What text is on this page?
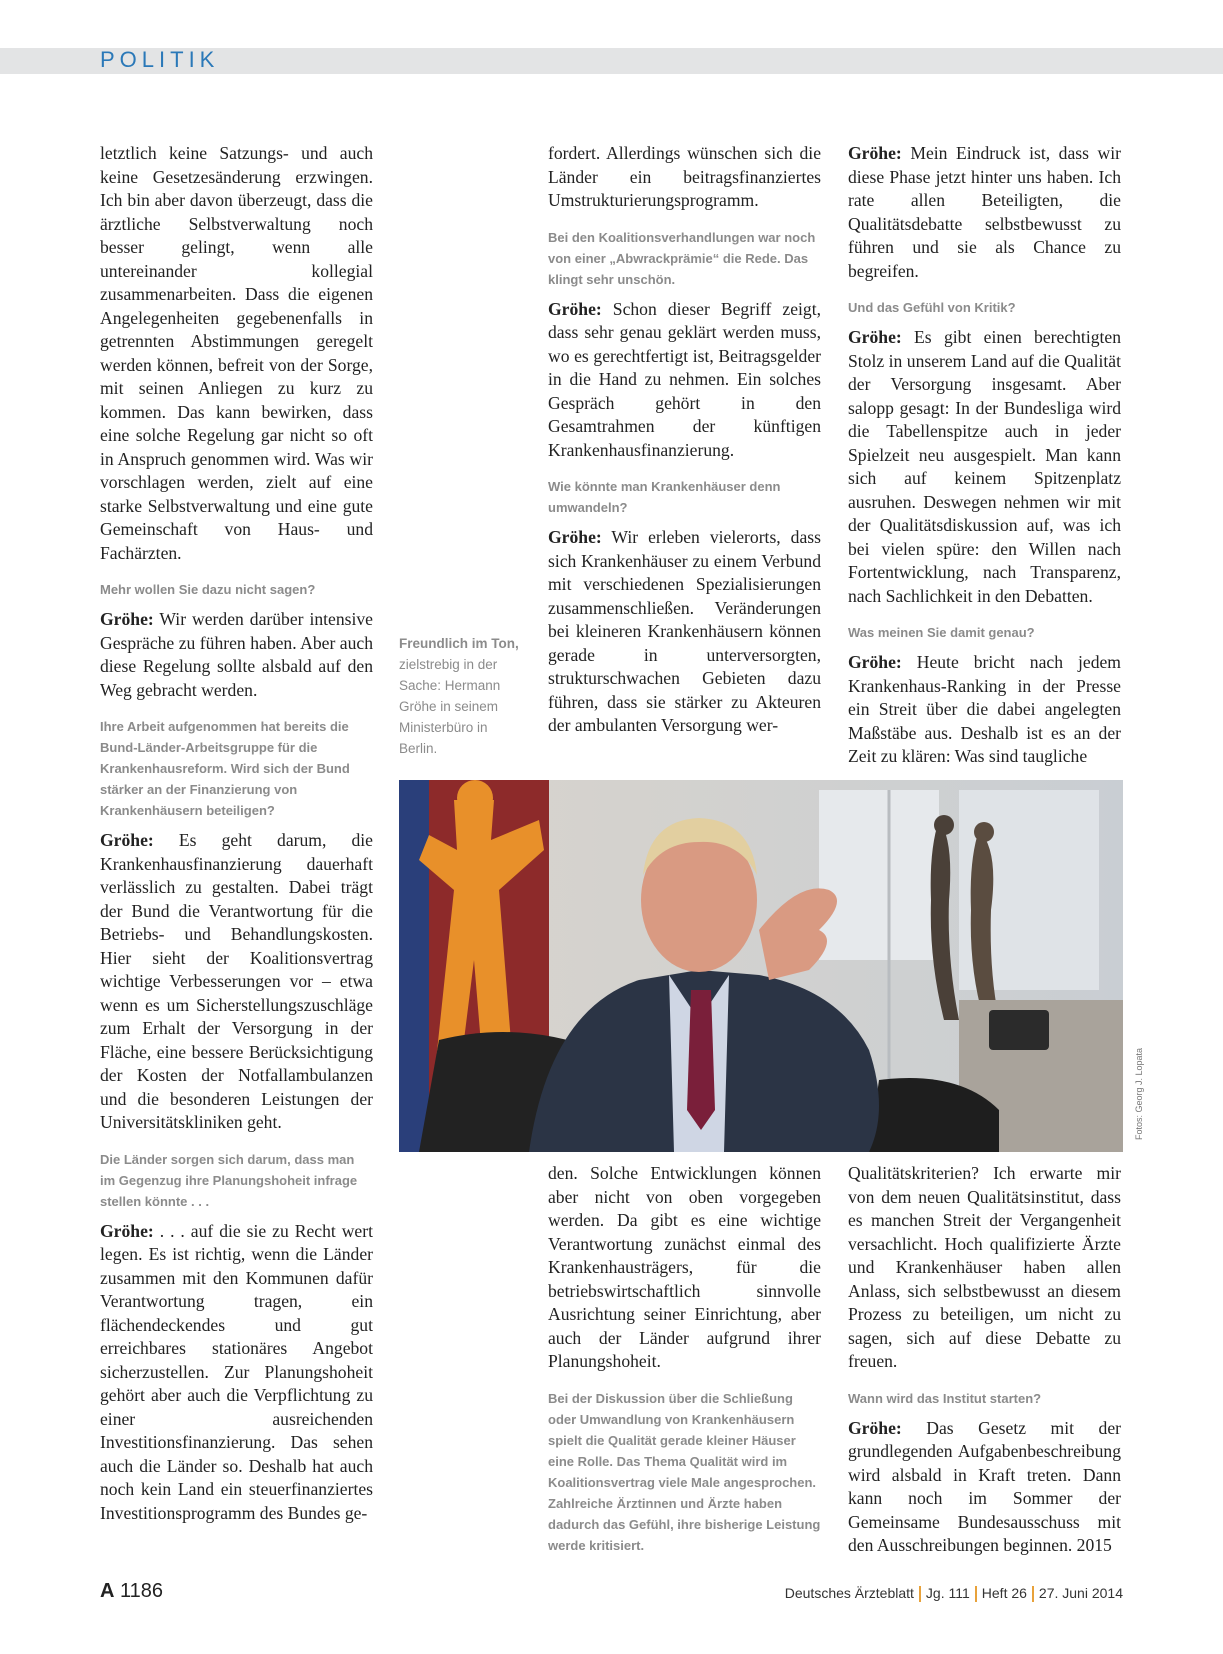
POLITIK

letztlich keine Satzungs- und auch keine Gesetzesänderung erzwingen. Ich bin aber davon überzeugt, dass die ärztliche Selbstverwaltung noch besser gelingt, wenn alle untereinander kollegial zusammenarbeiten. Dass die eigenen Angelegenheiten gegebenenfalls in getrennten Abstimmungen geregelt werden können, befreit von der Sorge, mit seinen Anliegen zu kurz zu kommen. Das kann bewirken, dass eine solche Regelung gar nicht so oft in Anspruch genommen wird. Was wir vorschlagen werden, zielt auf eine starke Selbstverwaltung und eine gute Gemeinschaft von Haus- und Fachärzten.

Mehr wollen Sie dazu nicht sagen?

Gröhe: Wir werden darüber intensive Gespräche zu führen haben. Aber auch diese Regelung sollte alsbald auf den Weg gebracht werden.

Ihre Arbeit aufgenommen hat bereits die Bund-Länder-Arbeitsgruppe für die Krankenhausreform. Wird sich der Bund stärker an der Finanzierung von Krankenhäusern beteiligen?

Gröhe: Es geht darum, die Krankenhausfinanzierung dauerhaft verlässlich zu gestalten. Dabei trägt der Bund die Verantwortung für die Betriebs- und Behandlungskosten. Hier sieht der Koalitionsvertrag wichtige Verbesserungen vor – etwa wenn es um Sicherstellungszuschläge zum Erhalt der Versorgung in der Fläche, eine bessere Berücksichtigung der Kosten der Notfallambulanzen und die besonderen Leistungen der Universitätskliniken geht.

Die Länder sorgen sich darum, dass man im Gegenzug ihre Planungshoheit infrage stellen könnte . . .

Gröhe: . . . auf die sie zu Recht wert legen. Es ist richtig, wenn die Länder zusammen mit den Kommunen dafür Verantwortung tragen, ein flächendeckendes und gut erreichbares stationäres Angebot sicherzustellen. Zur Planungshoheit gehört aber auch die Verpflichtung zu einer ausreichenden Investitionsfinanzierung. Das sehen auch die Länder so. Deshalb hat auch noch kein Land ein steuerfinanziertes Investitionsprogramm des Bundes ge-

fordert. Allerdings wünschen sich die Länder ein beitragsfinanziertes Umstrukturierungsprogramm.

Bei den Koalitionsverhandlungen war noch von einer „Abwrackprämie“ die Rede. Das klingt sehr unschön.

Gröhe: Schon dieser Begriff zeigt, dass sehr genau geklärt werden muss, wo es gerechtfertigt ist, Beitragsgelder in die Hand zu nehmen. Ein solches Gespräch gehört in den Gesamtrahmen der künftigen Krankenhausfinanzierung.

Wie könnte man Krankenhäuser denn umwandeln?

Gröhe: Wir erleben vielerorts, dass sich Krankenhäuser zu einem Verbund mit verschiedenen Spezialisierungen zusammenschließen. Veränderungen bei kleineren Krankenhäusern können gerade in unterversorgten, strukturschwachen Gebieten dazu führen, dass sie stärker zu Akteuren der ambulanten Versorgung wer-

Gröhe: Mein Eindruck ist, dass wir diese Phase jetzt hinter uns haben. Ich rate allen Beteiligten, die Qualitätsdebatte selbstbewusst zu führen und sie als Chance zu begreifen.

Und das Gefühl von Kritik?

Gröhe: Es gibt einen berechtigten Stolz in unserem Land auf die Qualität der Versorgung insgesamt. Aber salopp gesagt: In der Bundesliga wird die Tabellenspitze auch in jeder Spielzeit neu ausgespielt. Man kann sich auf keinem Spitzenplatz ausruhen. Deswegen nehmen wir mit der Qualitätsdiskussion auf, was ich bei vielen spüre: den Willen nach Fortentwicklung, nach Transparenz, nach Sachlichkeit in den Debatten.

Was meinen Sie damit genau?

Gröhe: Heute bricht nach jedem Krankenhaus-Ranking in der Presse ein Streit über die dabei angelegten Maßstäbe aus. Deshalb ist es an der Zeit zu klären: Was sind taugliche

Freundlich im Ton, zielstrebig in der Sache: Hermann Gröhe in seinem Ministerbüro in Berlin.
Fotos: Georg J. Lopata

den. Solche Entwicklungen können aber nicht von oben vorgegeben werden. Da gibt es eine wichtige Verantwortung zunächst einmal des Krankenhausträgers, für die betriebswirtschaftlich sinnvolle Ausrichtung seiner Einrichtung, aber auch der Länder aufgrund ihrer Planungshoheit.

Bei der Diskussion über die Schließung oder Umwandlung von Krankenhäusern spielt die Qualität gerade kleiner Häuser eine Rolle. Das Thema Qualität wird im Koalitionsvertrag viele Male angesprochen. Zahlreiche Ärztinnen und Ärzte haben dadurch das Gefühl, ihre bisherige Leistung werde kritisiert.

Qualitätskriterien? Ich erwarte mir von dem neuen Qualitätsinstitut, dass es manchen Streit der Vergangenheit versachlicht. Hoch qualifizierte Ärzte und Krankenhäuser haben allen Anlass, sich selbstbewusst an diesem Prozess zu beteiligen, um nicht zu sagen, sich auf diese Debatte zu freuen.

Wann wird das Institut starten?

Gröhe: Das Gesetz mit der grundlegenden Aufgabenbeschreibung wird alsbald in Kraft treten. Dann kann noch im Sommer der Gemeinsame Bundesausschuss mit den Ausschreibungen beginnen. 2015

A 1186	Deutsches Ärzteblatt Jg. 111 Heft 26 27. Juni 2014
